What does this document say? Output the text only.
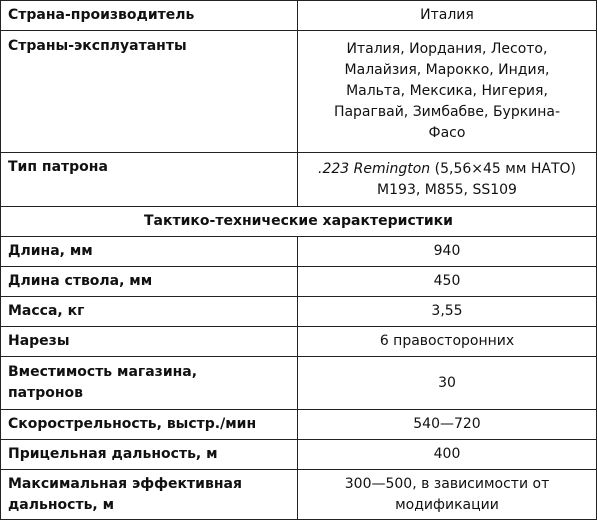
Страна-производитель	Италия
Страны-эксплуатанты	Италия, Иордания, Лесото,
Малайзия, Марокко, Индия,
Мальта, Мексика, Нигерия,
Парагвай, Зимбабве, Буркина-
Фасо

Тип патрона	.223 Remington (5,56×45 мм НАТО)
M193, M855, SS109

Тактико-технические характеристики	
Длина, мм	940
Длина ствола, мм	450
Масса, кг	3,55
Нарезы	6 правосторонних

Вместимость магазина,
патронов	30
Скорострельность, выстр./мин	540—720
Прицельная дальность, м	400

Максимальная эффективная
дальность, м	300—500, в зависимости от
модификации
